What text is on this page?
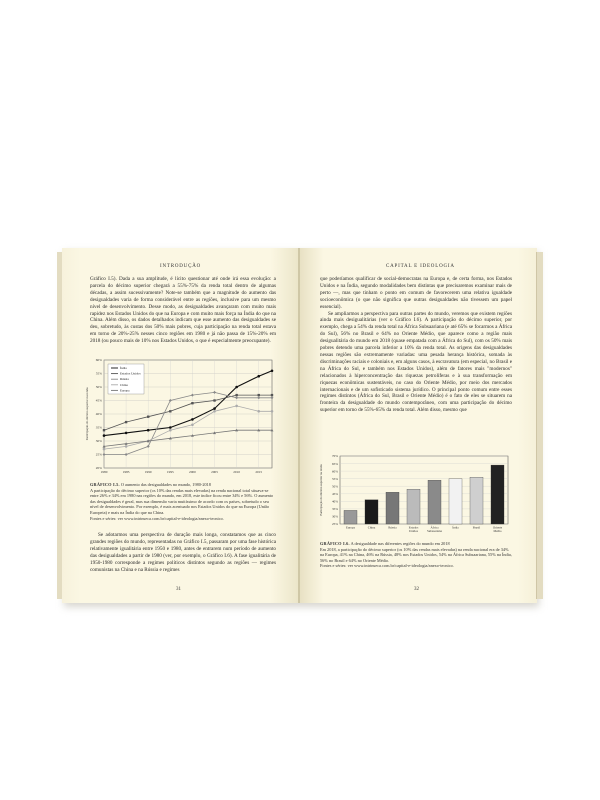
INTRODUÇÃO

Gráfico I.5). Dada a sua amplitude, é lícito questionar até onde irá essa evolução: a parcela do décimo superior chegará a 55%-75% da renda total dentro de algumas décadas, a assim sucessivamente? Note-se também que a magnitude do aumento das desigualdades varia de forma considerável entre as regiões, inclusive para um mesmo nível de desenvolvimento. Desse modo, as desigualdades avançaram com muito mais rapidez nos Estados Unidos do que na Europa e com muito mais força na Índia do que na China. Além disso, os dados detalhados indicam que esse aumento das desigualdades se deu, sobretudo, às custas dos 50% mais pobres, cuja participação na renda total estava em torno de 20%-25% nesses cinco regiões em 1980 e já não passa de 15%-20% em 2018 (ou pouco mais de 10% nos Estados Unidos, o que é especialmente preocupante).

20%
25%
30%
35%
40%
45%
50%
55%
60%
1980	1985	1990	1995	2000	2005	2010	2015
Participação do décimo superior na renda
Índia
Estados Unidos
Rússia
China
Europa
GRÁFICO I.5. O aumento das desigualdades no mundo, 1980-2018
A participação do décimo superior (os 10% das rendas mais elevadas) na renda nacional total situava-se entre 26% e 34% em 1980 nas regiões do mundo, em 2018, este índice ficou entre 34% e 56%. O aumento das desigualdades é geral, mas sua dimensão varia muitíssimo de acordo com os países, sobretudo o seu nível de desenvolvimento. Por exemplo, é mais acentuado nos Estados Unidos do que na Europa (União Europeia) e mais na Índia do que na China.
Fontes e séries: ver www.intrinseca.com.br/capital-e-ideologia/anexo-tecnico.

Se adotarmos uma perspectiva de duração mais longa, constatamos que as cinco grandes regiões do mundo, representadas no Gráfico I.5, passaram por uma fase histórica relativamente igualitária entre 1950 e 1980, antes de entrarem num período de aumento das desigualdades a partir de 1980 (ver, por exemplo, o Gráfico I.6). A fase igualitária de 1950-1980 corresponde a regimes políticos distintos segundo as regiões — regimes comunistas na China e na Rússia e regimes

31
CAPITAL E IDEOLOGIA

que poderíamos qualificar de social-democratas na Europa e, de certa forma, nos Estados Unidos e na Índia, segundo modalidades bem distintas que precisaremos examinar mais de perto —, mas que tinham o ponto em comum de favorecerem uma relativa igualdade socioeconômica (o que não significa que outras desigualdades não tivessem um papel essencial).

Se ampliarmos a perspectiva para outras partes do mundo, veremos que existem regiões ainda mais desigualitárias (ver o Gráfico I.6). A participação do décimo superior, por exemplo, chega a 54% da renda total na África Subsaariana (e até 65% se focarmos a África do Sul), 56% no Brasil e 64% no Oriente Médio, que aparece como a região mais desigualitária do mundo em 2018 (quase empatada com a África do Sul), com os 50% mais pobres detendo uma parcela inferior a 10% da renda total. As origens das desigualdades nessas regiões são extremamente variadas: uma pesada herança histórica, somada às discriminações raciais e coloniais e, em alguns casos, à escravatura (em especial, no Brasil e na África do Sul, e também nos Estados Unidos), além de fatores mais "modernos" relacionados à hiperconcentração das riquezas petrolíferas e à sua transformação em riquezas econômicas sustentáveis, no caso do Oriente Médio, por meio dos mercados internacionais e de um sofisticado sistema jurídico. O principal ponto comum entre esses regimes distintos (África do Sul, Brasil e Oriente Médio) é o fato de eles se situarem na fronteira da desigualdade do mundo contemporâneo, com uma participação do décimo superior em torno de 55%-65% da renda total. Além disso, mesmo que

25%
30%
35%
40%
45%
50%
55%
60%
65%
70%
Participação do décimo superior na renda
Europa	China	Rússia	Estados
Unidos
África
Subsaariana
Índia	Brasil	Oriente
Médio
GRÁFICO I.6. A desigualdade nas diferentes regiões do mundo em 2018
Em 2018, a participação do décimo superior (os 10% das rendas mais elevadas) na renda nacional era de 34% na Europa, 41% na China, 46% na Rússia, 48% nos Estados Unidos, 54% na África Subsaariana, 55% na Índia, 56% no Brasil e 64% no Oriente Médio.
Fontes e séries: ver www.intrinseca.com.br/capital-e-ideologia/anexo-tecnico.
32
